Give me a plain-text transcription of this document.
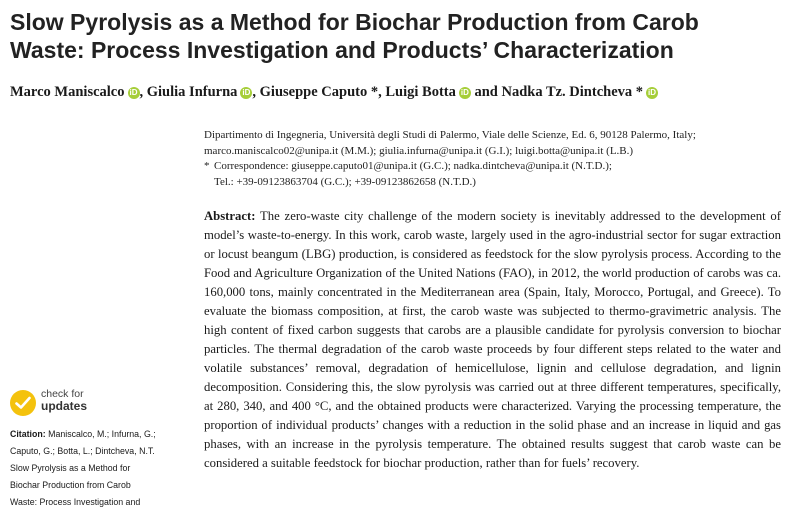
Slow Pyrolysis as a Method for Biochar Production from Carob
Waste: Process Investigation and Products’ Characterization
Marco Maniscalco iD , Giulia Infurna iD , Giuseppe Caputo *, Luigi Botta iD and Nadka Tz. Dintcheva * iD
Dipartimento di Ingegneria, Università degli Studi di Palermo, Viale delle Scienze, Ed. 6, 90128 Palermo, Italy;
marco.maniscalco02@unipa.it (M.M.); giulia.infurna@unipa.it (G.I.); luigi.botta@unipa.it (L.B.)
* Correspondence: giuseppe.caputo01@unipa.it (G.C.); nadka.dintcheva@unipa.it (N.T.D.);
Tel.: +39-09123863704 (G.C.); +39-09123862658 (N.T.D.)
Abstract: The zero-waste city challenge of the modern society is inevitably addressed to the development of model’s waste-to-energy. In this work, carob waste, largely used in the agro-industrial sector for sugar extraction or locust beangum (LBG) production, is considered as feedstock for the slow pyrolysis process. According to the Food and Agriculture Organization of the United Nations (FAO), in 2012, the world production of carobs was ca. 160,000 tons, mainly concentrated in the Mediterranean area (Spain, Italy, Morocco, Portugal, and Greece). To evaluate the biomass composition, at first, the carob waste was subjected to thermo-gravimetric analysis. The high content of fixed carbon suggests that carobs are a plausible candidate for pyrolysis conversion to biochar particles. The thermal degradation of the carob waste proceeds by four different steps related to the water and volatile substances’ removal, degradation of hemicellulose, lignin and cellulose degradation, and lignin decomposition. Considering this, the slow pyrolysis was carried out at three different temperatures, specifically, at 280, 340, and 400 °C, and the obtained products were characterized. Varying the processing temperature, the proportion of individual products’ changes with a reduction in the solid phase and an increase in liquid and gas phases, with an increase in the pyrolysis temperature. The obtained results suggest that carob waste can be considered a suitable feedstock for biochar production, rather than for fuels’ recovery.
check for
updates
Citation: Maniscalco, M.; Infurna, G.;
Caputo, G.; Botta, L.; Dintcheva, N.T.
Slow Pyrolysis as a Method for
Biochar Production from Carob
Waste: Process Investigation and
